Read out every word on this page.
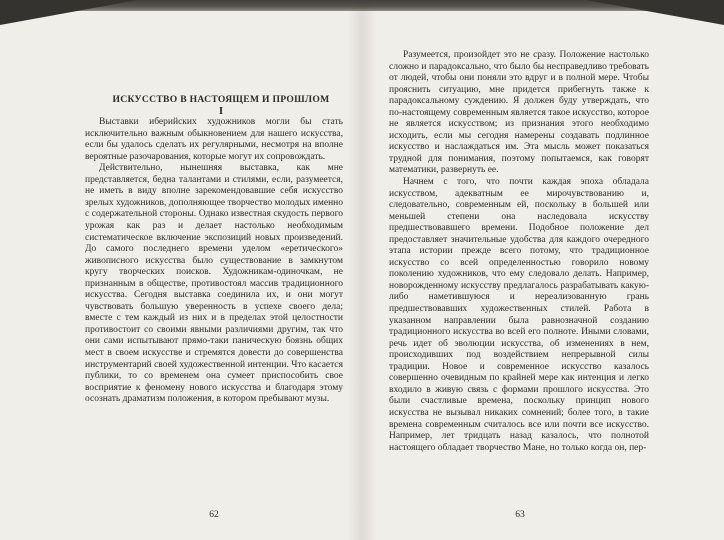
ИСКУССТВО В НАСТОЯЩЕМ И ПРОШЛОМ

I

Выставки иберийских художников могли бы стать исключительно важным обыкновением для нашего искусства, если бы удалось сделать их регулярными, несмотря на вполне вероятные разочарования, которые могут их сопровождать.

Действительно, нынешняя выставка, как мне представляется, бедна талантами и стилями, если, разумеется, не иметь в виду вполне зарекомендовавшие себя искусство зрелых художников, дополняющее творчество молодых именно с содержательной стороны. Однако известная скудость первого урожая как раз и делает настолько необходимым систематическое включение экспозиций новых произведений. До самого последнего времени уделом «еретического» живописного искусства было существование в замкнутом кругу творческих поисков. Художникам-одиночкам, не признанным в обществе, противостоял массив традиционного искусства. Сегодня выставка соединила их, и они могут чувствовать большую уверенность в успехе своего дела; вместе с тем каждый из них и в пределах этой целостности противостоит со своими явными различиями другим, так что они сами испытывают прямо-таки паническую боязнь общих мест в своем искусстве и стремятся довести до совершенства инструментарий своей художественной интенции. Что касается публики, то со временем она сумеет приспособить свое восприятие к феномену нового искусства и благодаря этому осознать драматизм положения, в котором пребывают музы.

62

Разумеется, произойдет это не сразу. Положение настолько сложно и парадоксально, что было бы несправедливо требовать от людей, чтобы они поняли это вдруг и в полной мере. Чтобы прояснить ситуацию, мне придется прибегнуть также к парадоксальному суждению. Я должен буду утверждать, что по-настоящему современным является такое искусство, которое не является искусством; из признания этого необходимо исходить, если мы сегодня намерены создавать подлинное искусство и наслаждаться им. Эта мысль может показаться трудной для понимания, поэтому попытаемся, как говорят математики, развернуть ее.

Начнем с того, что почти каждая эпоха обладала искусством, адекватным ее мирочувствованию и, следовательно, современным ей, поскольку в большей или меньшей степени она наследовала искусству предшествовавшего времени. Подобное положение дел предоставляет значительные удобства для каждого очередного этапа истории прежде всего потому, что традиционное искусство со всей определенностью говорило новому поколению художников, что ему следовало делать. Например, новорожденному искусству предлагалось разрабатывать какую-либо наметившуюся и нереализованную грань предшествовавших художественных стилей. Работа в указанном направлении была равнозначной созданию традиционного искусства во всей его полноте. Иными словами, речь идет об эволюции искусства, об изменениях в нем, происходивших под воздействием непрерывной силы традиции. Новое и современное искусство казалось совершенно очевидным по крайней мере как интенция и легко входило в живую связь с формами прошлого искусства. Это были счастливые времена, поскольку принцип нового искусства не вызывал никаких сомнений; более того, в такие времена современным считалось все или почти все искусство. Например, лет тридцать назад казалось, что полнотой настоящего обладает творчество Мане, но только когда он, пер-

63
